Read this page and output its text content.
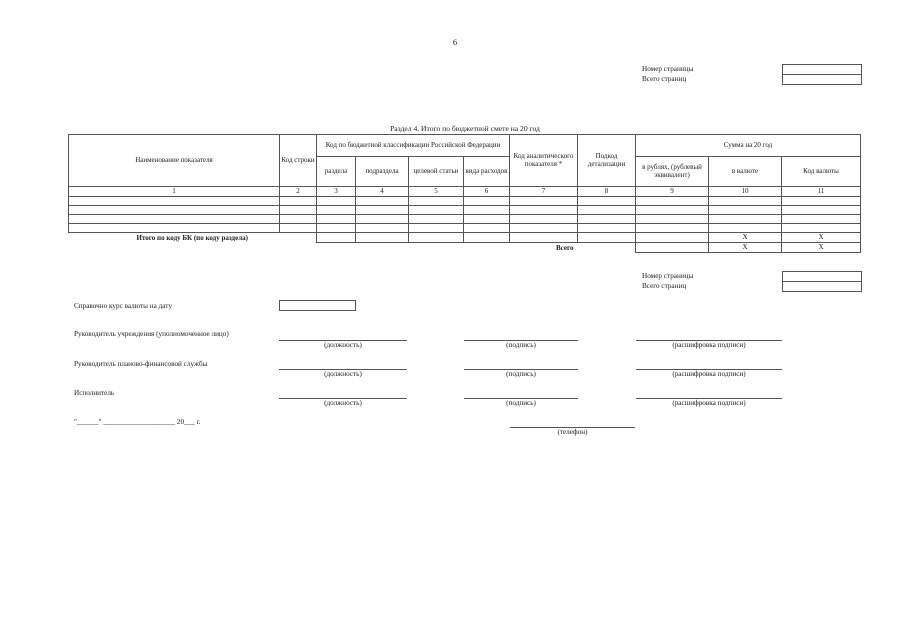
6
Номер страницы
Всего страниц
Раздел 4. Итого по бюджетной смете на 20 год
Наименование показателя	Код строки	Код по бюджетной классификации Российской Федерации				Код аналитического показателя *	Подкод детализации	Сумма на 20 год		
		раздела	подраздела	целевой статьи	вида расходов			в рублях, (рублевый эквивалент)	в валюте	Код валюты
1	2	3	4	5	6	7	8	9	10	11

Итого по коду БК (по коду раздела)									X	X
						Всего			X	X
Номер страницы
Всего страниц
Справочно курс валюты на дату
Руководитель учреждения (уполномоченное лицо)
(должность)	(подпись)	(расшифровка подписи)
Руководитель планово-финансовой службы
(должность)	(подпись)	(расшифровка подписи)
Исполнитель
(должность)	(подпись)	(расшифровка подписи)
"______" ____________________ 20___ г.
(телефон)
